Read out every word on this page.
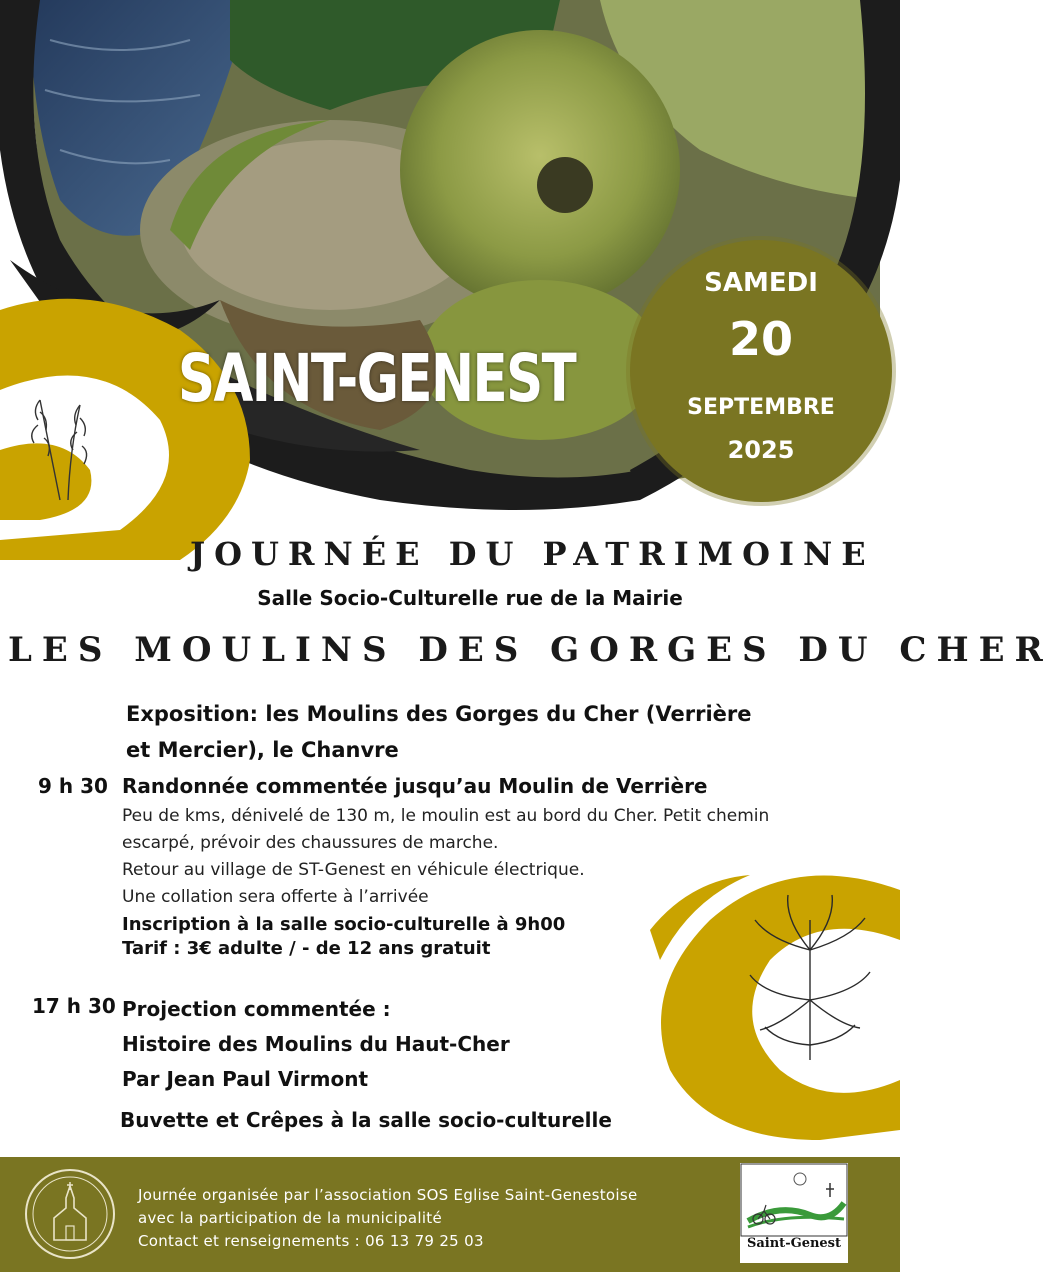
SAINT-GENEST
SAMEDI
20
SEPTEMBRE
2025
JOURNÉE DU PATRIMOINE
Salle Socio-Culturelle rue de la Mairie
LES MOULINS DES GORGES DU CHER
Exposition: les Moulins des Gorges du Cher (Verrière
et Mercier), le Chanvre
9 h 30 Randonnée commentée jusqu’au Moulin de Verrière
Peu de kms, dénivelé de 130 m, le moulin est au bord du Cher. Petit chemin
escarpé, prévoir des chaussures de marche.
Retour au village de ST-Genest en véhicule électrique.
Une collation sera offerte à l’arrivée
Inscription à la salle socio-culturelle à 9h00
Tarif : 3€ adulte / - de 12 ans gratuit
17 h 30 Projection commentée :
Histoire des Moulins du Haut-Cher
Par Jean Paul Virmont
Buvette et Crêpes à la salle socio-culturelle
Journée organisée par l’association SOS Eglise Saint-Genestoise
avec la participation de la municipalité
Contact et renseignements : 06 13 79 25 03	Saint-Genest
